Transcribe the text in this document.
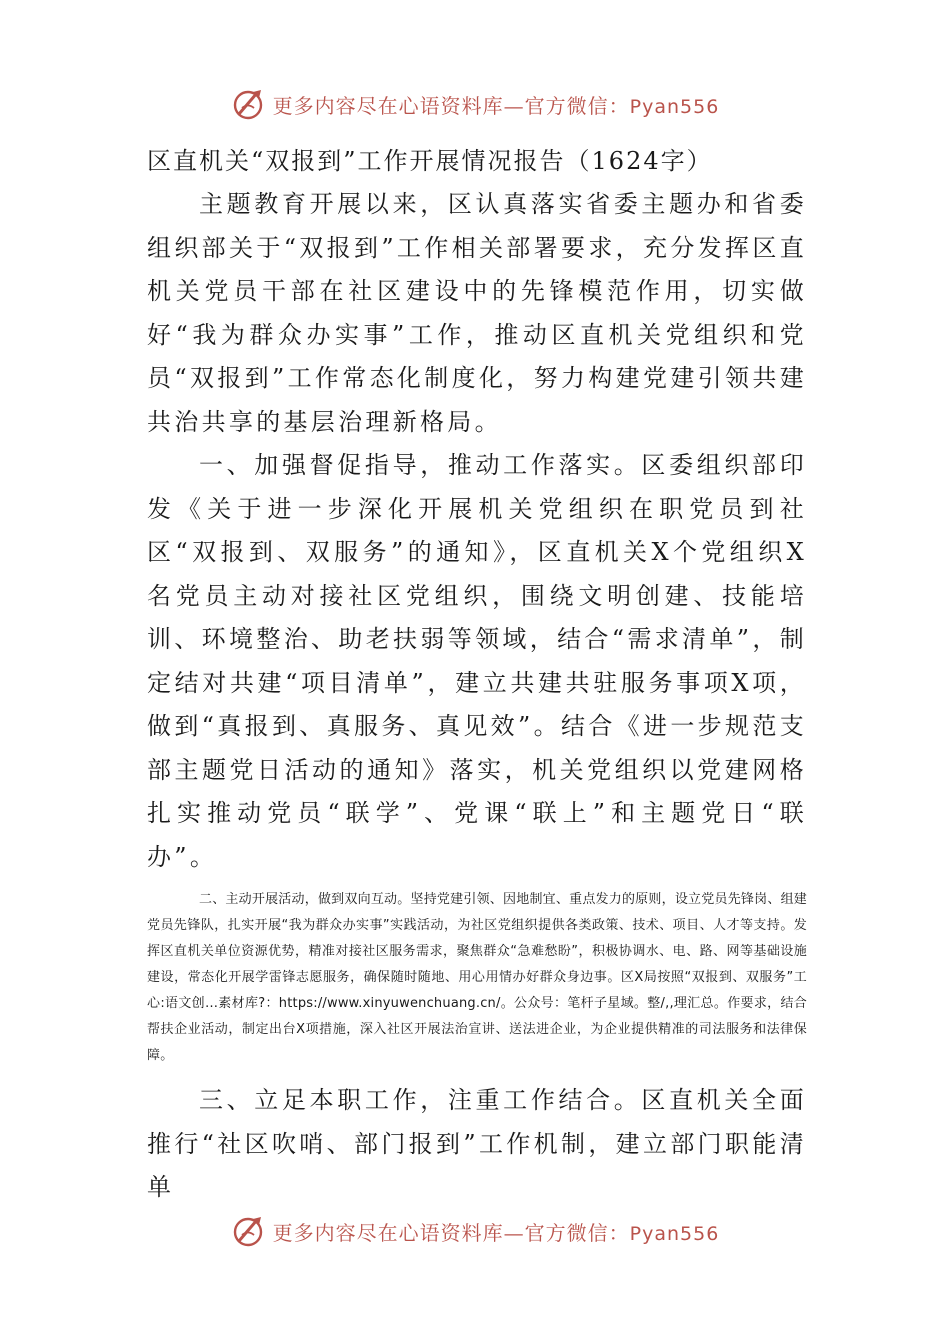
更多内容尽在心语资料库—官方微信：Pyan556

区直机关“双报到”工作开展情况报告（1624字）

主题教育开展以来，区认真落实省委主题办和省委组织部关于“双报到”工作相关部署要求，充分发挥区直机关党员干部在社区建设中的先锋模范作用，切实做好“我为群众办实事”工作，推动区直机关党组织和党员“双报到”工作常态化制度化，努力构建党建引领共建共治共享的基层治理新格局。

一、加强督促指导，推动工作落实。区委组织部印发《关于进一步深化开展机关党组织在职党员到社区“双报到、双服务”的通知》，区直机关X个党组织X名党员主动对接社区党组织，围绕文明创建、技能培训、环境整治、助老扶弱等领域，结合“需求清单”，制定结对共建“项目清单”，建立共建共驻服务事项X项，做到“真报到、真服务、真见效”。结合《进一步规范支部主题党日活动的通知》落实，机关党组织以党建网格扎实推动党员“联学”、党课“联上”和主题党日“联办”。

二、主动开展活动，做到双向互动。坚持党建引领、因地制宜、重点发力的原则，设立党员先锋岗、组建党员先锋队，扎实开展“我为群众办实事”实践活动，为社区党组织提供各类政策、技术、项目、人才等支持。发挥区直机关单位资源优势，精准对接社区服务需求，聚焦群众“急难愁盼”，积极协调水、电、路、网等基础设施建设，常态化开展学雷锋志愿服务，确保随时随地、用心用情办好群众身边事。区X局按照“双报到、双服务”工心:语文创…素材库?：https://www.xinyuwenchuang.cn/。公众号：笔杆子星域。整/,,理汇总。作要求，结合帮扶企业活动，制定出台X项措施，深入社区开展法治宣讲、送法进企业，为企业提供精准的司法服务和法律保障。

三、立足本职工作，注重工作结合。区直机关全面推行“社区吹哨、部门报到”工作机制，建立部门职能清单

更多内容尽在心语资料库—官方微信：Pyan556
